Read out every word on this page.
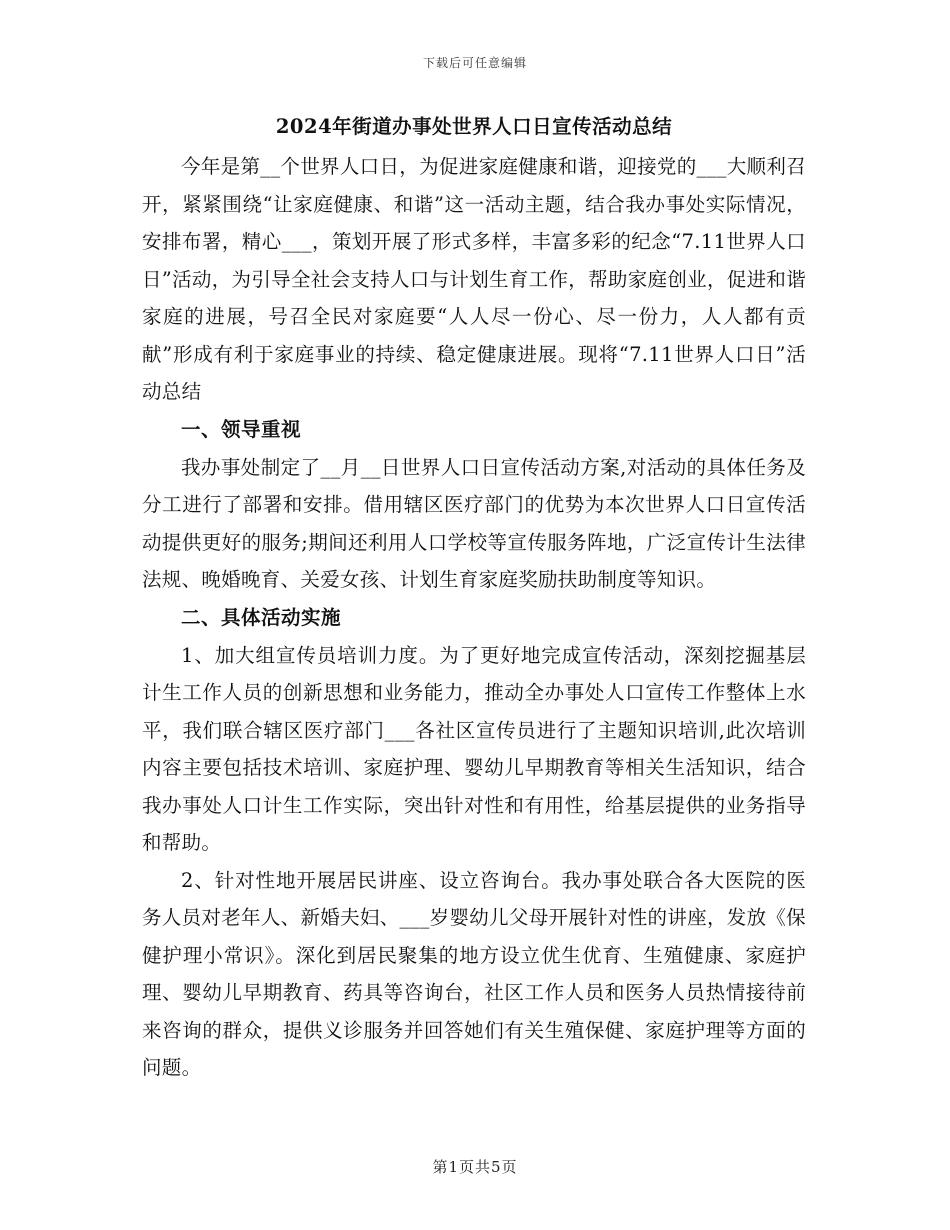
下载后可任意编辑
2024年街道办事处世界人口日宣传活动总结

今年是第__个世界人口日，为促进家庭健康和谐，迎接党的___大顺利召开，紧紧围绕“让家庭健康、和谐”这一活动主题，结合我办事处实际情况，安排布署，精心___，策划开展了形式多样，丰富多彩的纪念“7.11世界人口日”活动，为引导全社会支持人口与计划生育工作，帮助家庭创业，促进和谐家庭的进展，号召全民对家庭要“人人尽一份心、尽一份力，人人都有贡献”形成有利于家庭事业的持续、稳定健康进展。现将“7.11世界人口日”活动总结

一、领导重视

我办事处制定了__月__日世界人口日宣传活动方案,对活动的具体任务及分工进行了部署和安排。借用辖区医疗部门的优势为本次世界人口日宣传活动提供更好的服务;期间还利用人口学校等宣传服务阵地，广泛宣传计生法律法规、晚婚晚育、关爱女孩、计划生育家庭奖励扶助制度等知识。

二、具体活动实施

1、加大组宣传员培训力度。为了更好地完成宣传活动，深刻挖掘基层计生工作人员的创新思想和业务能力，推动全办事处人口宣传工作整体上水平，我们联合辖区医疗部门___各社区宣传员进行了主题知识培训,此次培训内容主要包括技术培训、家庭护理、婴幼儿早期教育等相关生活知识，结合我办事处人口计生工作实际，突出针对性和有用性，给基层提供的业务指导和帮助。

2、针对性地开展居民讲座、设立咨询台。我办事处联合各大医院的医务人员对老年人、新婚夫妇、___岁婴幼儿父母开展针对性的讲座，发放《保健护理小常识》。深化到居民聚集的地方设立优生优育、生殖健康、家庭护理、婴幼儿早期教育、药具等咨询台，社区工作人员和医务人员热情接待前来咨询的群众，提供义诊服务并回答她们有关生殖保健、家庭护理等方面的问题。

第1页共5页
